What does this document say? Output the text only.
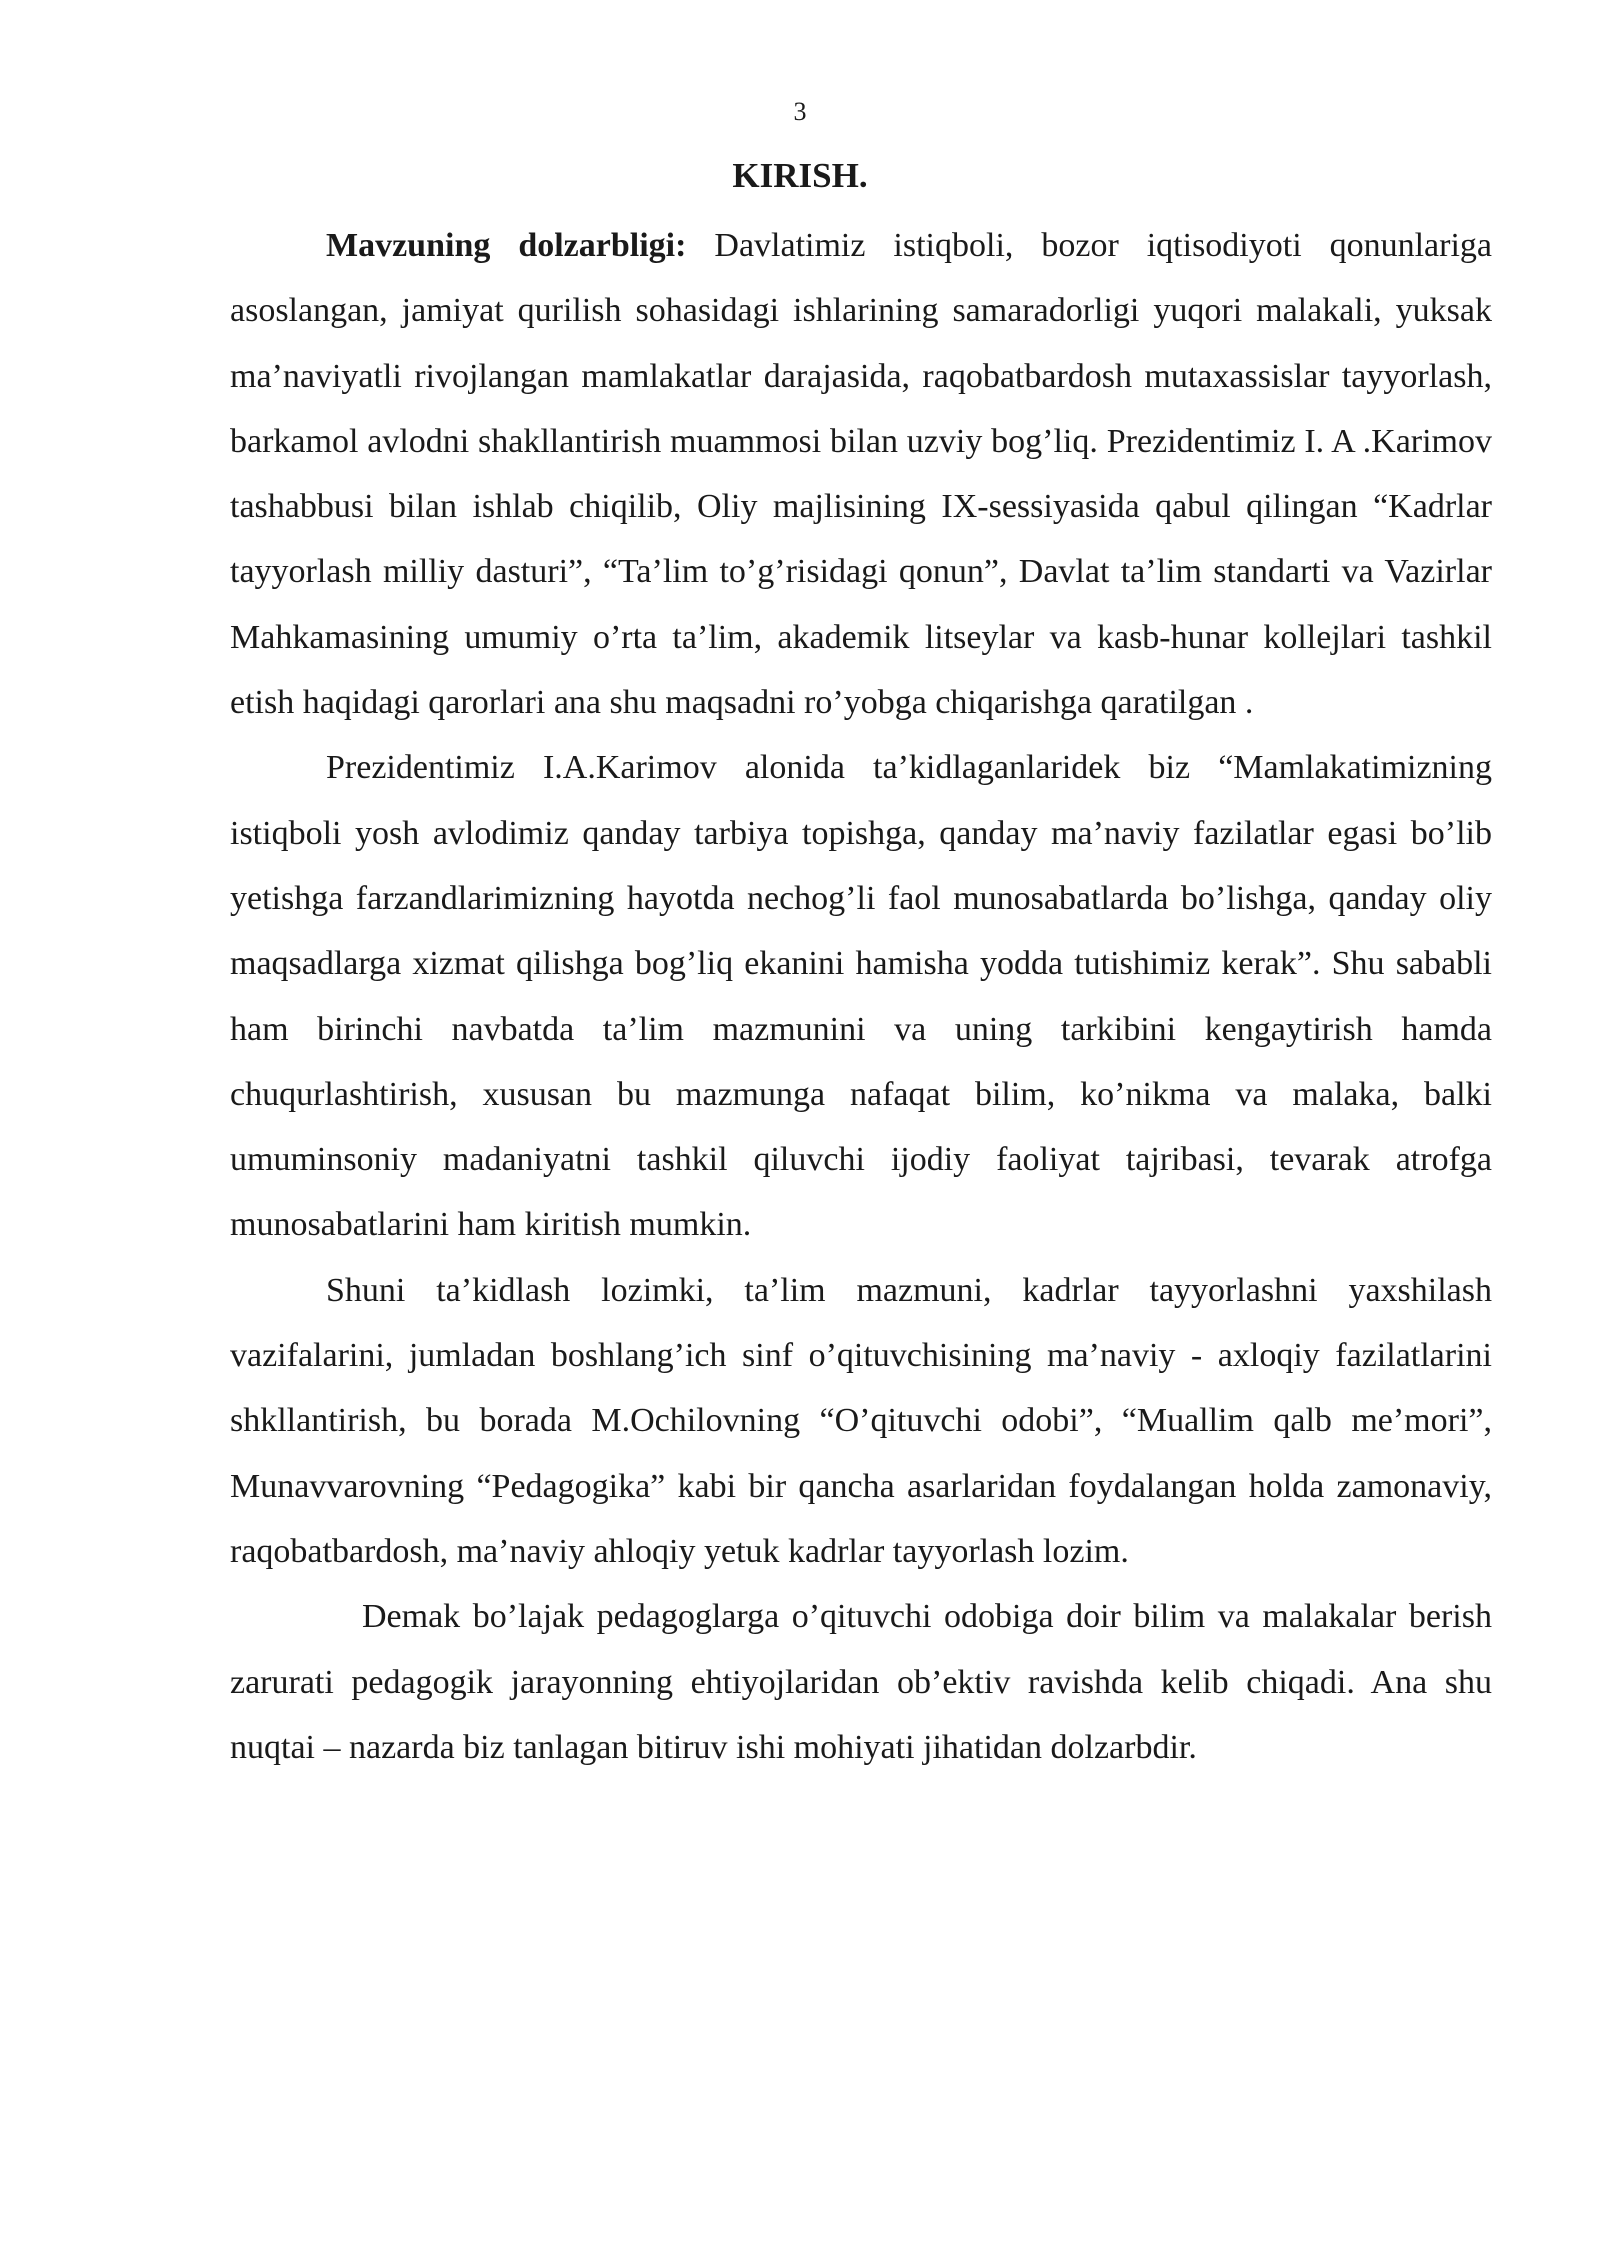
3
KIRISH.

Mavzuning dolzarbligi: Davlatimiz istiqboli, bozor iqtisodiyoti qonunlariga asoslangan, jamiyat qurilish sohasidagi ishlarining samaradorligi yuqori malakali, yuksak ma’naviyatli rivojlangan mamlakatlar darajasida, raqobatbardosh mutaxassislar tayyorlash, barkamol avlodni shakllantirish muammosi bilan uzviy bog’liq. Prezidentimiz I. A .Karimov tashabbusi bilan ishlab chiqilib, Oliy majlisining IX-sessiyasida qabul qilingan “Kadrlar tayyorlash milliy dasturi”, “Ta’lim to’g’risidagi qonun”, Davlat ta’lim standarti va Vazirlar Mahkamasining umumiy o’rta ta’lim, akademik litseylar va kasb-hunar kollejlari tashkil etish haqidagi qarorlari ana shu maqsadni ro’yobga chiqarishga qaratilgan .

Prezidentimiz I.A.Karimov alonida ta’kidlaganlaridek biz “Mamlakatimizning istiqboli yosh avlodimiz qanday tarbiya topishga, qanday ma’naviy fazilatlar egasi bo’lib yetishga farzandlarimizning hayotda nechog’li faol munosabatlarda bo’lishga, qanday oliy maqsadlarga xizmat qilishga bog’liq ekanini hamisha yodda tutishimiz kerak”. Shu sababli ham birinchi navbatda ta’lim mazmunini va uning tarkibini kengaytirish hamda chuqurlashtirish, xususan bu mazmunga nafaqat bilim, ko’nikma va malaka, balki umuminsoniy madaniyatni tashkil qiluvchi ijodiy faoliyat tajribasi, tevarak atrofga munosabatlarini ham kiritish mumkin.

Shuni ta’kidlash lozimki, ta’lim mazmuni, kadrlar tayyorlashni yaxshilash vazifalarini, jumladan boshlang’ich sinf o’qituvchisining ma’naviy - axloqiy fazilatlarini shkllantirish, bu borada M.Ochilovning “O’qituvchi odobi”, “Muallim qalb me’mori”, Munavvarovning “Pedagogika” kabi bir qancha asarlaridan foydalangan holda zamonaviy, raqobatbardosh, ma’naviy ahloqiy yetuk kadrlar tayyorlash lozim.

Demak bo’lajak pedagoglarga o’qituvchi odobiga doir bilim va malakalar berish zarurati pedagogik jarayonning ehtiyojlaridan ob’ektiv ravishda kelib chiqadi. Ana shu nuqtai – nazarda biz tanlagan bitiruv ishi mohiyati jihatidan dolzarbdir.
